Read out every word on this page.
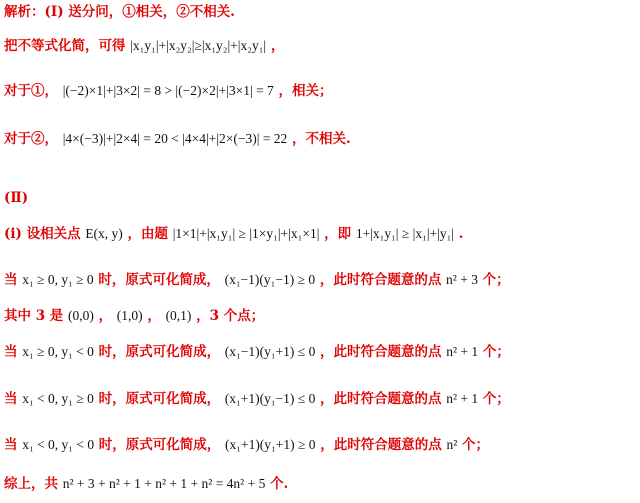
解析：(Ⅰ) 送分问，①相关，②不相关.
把不等式化简，可得 |x₁y₁|+|x₂y₂|≥|x₁y₂|+|x₂y₁| ，
对于①， |(−2)×1|+|3×2| = 8 > |(−2)×2|+|3×1| = 7 ，相关；
对于②， |4×(−3)|+|2×4| = 20 < |4×4|+|2×(−3)| = 22 ，不相关.
(Ⅱ)
(ⅰ) 设相关点 E(x, y) ，由题 |1×1|+|x₁y₁| ≥ |1×y₁|+|x₁×1| ，即 1+|x₁y₁| ≥ |x₁|+|y₁| .
当 x₁ ≥ 0, y₁ ≥ 0 时，原式可化简成， (x₁−1)(y₁−1) ≥ 0 ，此时符合题意的点 n² + 3 个；
其中 3 是 (0,0) ， (1,0) ， (0,1) ，3 个点；
当 x₁ ≥ 0, y₁ < 0 时，原式可化简成， (x₁−1)(y₁+1) ≤ 0 ，此时符合题意的点 n² + 1 个；
当 x₁ < 0, y₁ ≥ 0 时，原式可化简成， (x₁+1)(y₁−1) ≤ 0 ，此时符合题意的点 n² + 1 个；
当 x₁ < 0, y₁ < 0 时，原式可化简成， (x₁+1)(y₁+1) ≥ 0 ，此时符合题意的点 n² 个；
综上，共 n² + 3 + n² + 1 + n² + 1 + n² = 4n² + 5 个.
